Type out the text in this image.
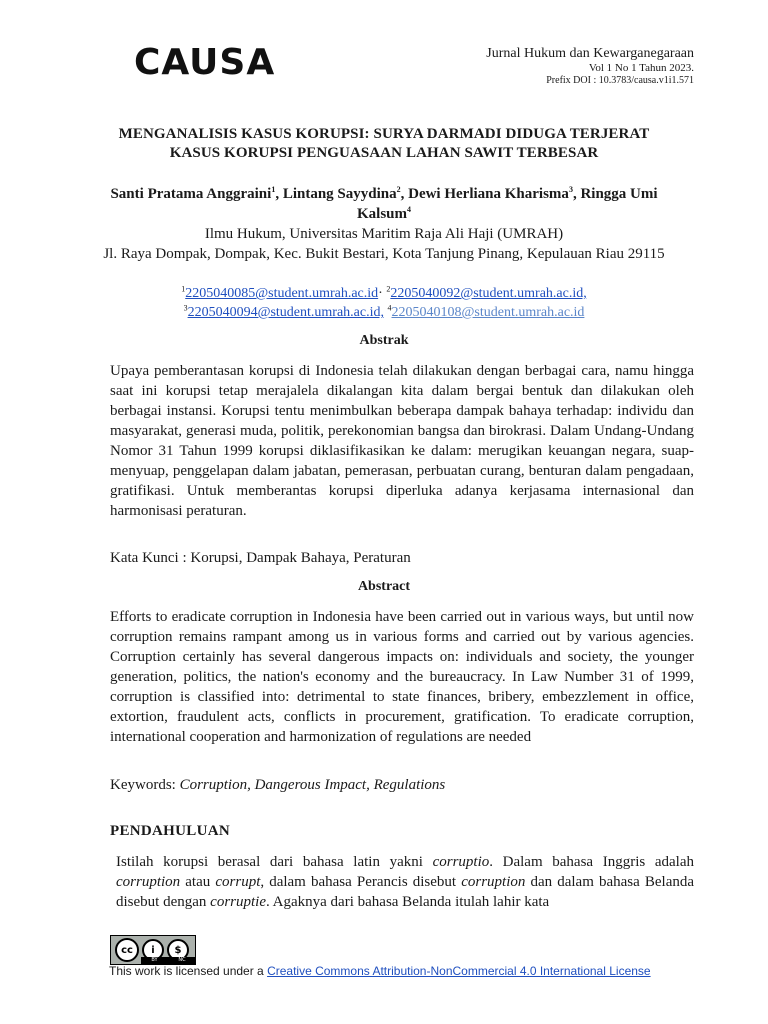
CAUSA	Jurnal Hukum dan Kewarganegaraan
Vol 1 No 1 Tahun 2023.
Prefix DOI : 10.3783/causa.v1i1.571
MENGANALISIS KASUS KORUPSI: SURYA DARMADI DIDUGA TERJERAT
KASUS KORUPSI PENGUASAAN LAHAN SAWIT TERBESAR
Santi Pratama Anggraini$^1$, Lintang Sayydina$^2$, Dewi Herliana Kharisma$^3$, Ringga Umi Kalsum$^4$
Ilmu Hukum, Universitas Maritim Raja Ali Haji (UMRAH)
Jl. Raya Dompak, Dompak, Kec. Bukit Bestari, Kota Tanjung Pinang, Kepulauan Riau 29115
$^1$2205040085@student.umrah.ac.id· $^2$2205040092@student.umrah.ac.id,
$^3$2205040094@student.umrah.ac.id, $^4$2205040108@student.umrah.ac.id
Abstrak
Upaya pemberantasan korupsi di Indonesia telah dilakukan dengan berbagai cara, namu hingga saat ini korupsi tetap merajalela dikalangan kita dalam bergai bentuk dan dilakukan oleh berbagai instansi. Korupsi tentu menimbulkan beberapa dampak bahaya terhadap: individu dan masyarakat, generasi muda, politik, perekonomian bangsa dan birokrasi. Dalam Undang-Undang Nomor 31 Tahun 1999 korupsi diklasifikasikan ke dalam: merugikan keuangan negara, suap-menyuap, penggelapan dalam jabatan, pemerasan, perbuatan curang, benturan dalam pengadaan, gratifikasi. Untuk memberantas korupsi diperluka adanya kerjasama internasional dan harmonisasi peraturan.
Kata Kunci : Korupsi, Dampak Bahaya, Peraturan
Abstract
Efforts to eradicate corruption in Indonesia have been carried out in various ways, but until now corruption remains rampant among us in various forms and carried out by various agencies. Corruption certainly has several dangerous impacts on: individuals and society, the younger generation, politics, the nation's economy and the bureaucracy. In Law Number 31 of 1999, corruption is classified into: detrimental to state finances, bribery, embezzlement in office, extortion, fraudulent acts, conflicts in procurement, gratification. To eradicate corruption, international cooperation and harmonization of regulations are needed
Keywords: Corruption, Dangerous Impact, Regulations
PENDAHULUAN
Istilah korupsi berasal dari bahasa latin yakni corruptio. Dalam bahasa Inggris adalah corruption atau corrupt, dalam bahasa Perancis disebut corruption dan dalam bahasa Belanda disebut dengan corruptie. Agaknya dari bahasa Belanda itulah lahir kata
cc	i	$
BY	NC
This work is licensed under a Creative Commons Attribution-NonCommercial 4.0 International License
